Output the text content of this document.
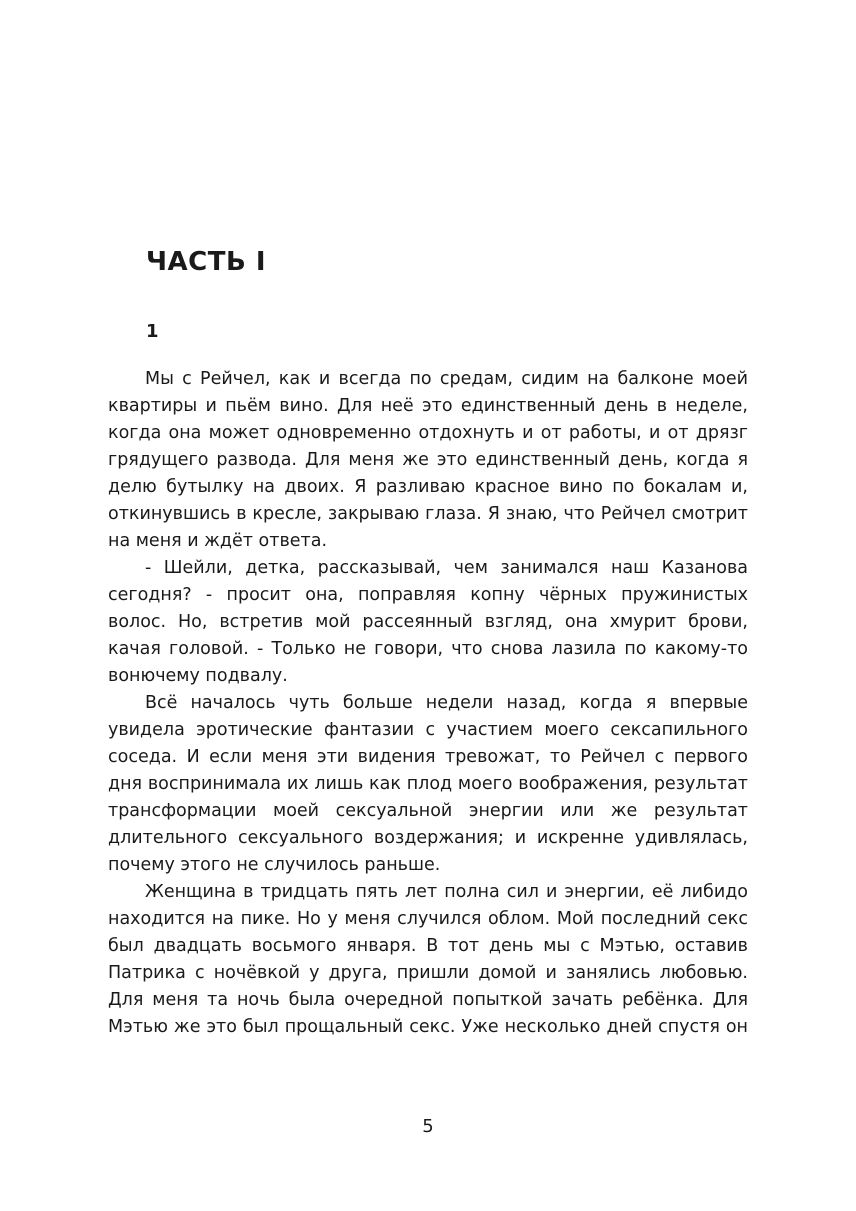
ЧАСТЬ I
1

Мы с Рейчел, как и всегда по средам, сидим на балконе моей квартиры и пьём вино. Для неё это единственный день в неделе, когда она может одновременно отдохнуть и от работы, и от дрязг грядущего развода. Для меня же это единственный день, когда я делю бутылку на двоих. Я разливаю красное вино по бокалам и, откинувшись в кресле, закрываю глаза. Я знаю, что Рейчел смотрит на меня и ждёт ответа.

- Шейли, детка, рассказывай, чем занимался наш Казанова сегодня? - просит она, поправляя копну чёрных пружинистых волос. Но, встретив мой рассеянный взгляд, она хмурит брови, качая головой. - Только не говори, что снова лазила по какому-то вонючему подвалу.

Всё началось чуть больше недели назад, когда я впервые увидела эротические фантазии с участием моего сексапильного соседа. И если меня эти видения тревожат, то Рейчел с первого дня воспринимала их лишь как плод моего воображения, результат трансформации моей сексуальной энергии или же результат длительного сексуального воздержания; и искренне удивлялась, почему этого не случилось раньше.

Женщина в тридцать пять лет полна сил и энергии, её либидо находится на пике. Но у меня случился облом. Мой последний секс был двадцать восьмого января. В тот день мы с Мэтью, оставив Патрика с ночёвкой у друга, пришли домой и занялись любовью. Для меня та ночь была очередной попыткой зачать ребёнка. Для Мэтью же это был прощальный секс. Уже несколько дней спустя он

5
